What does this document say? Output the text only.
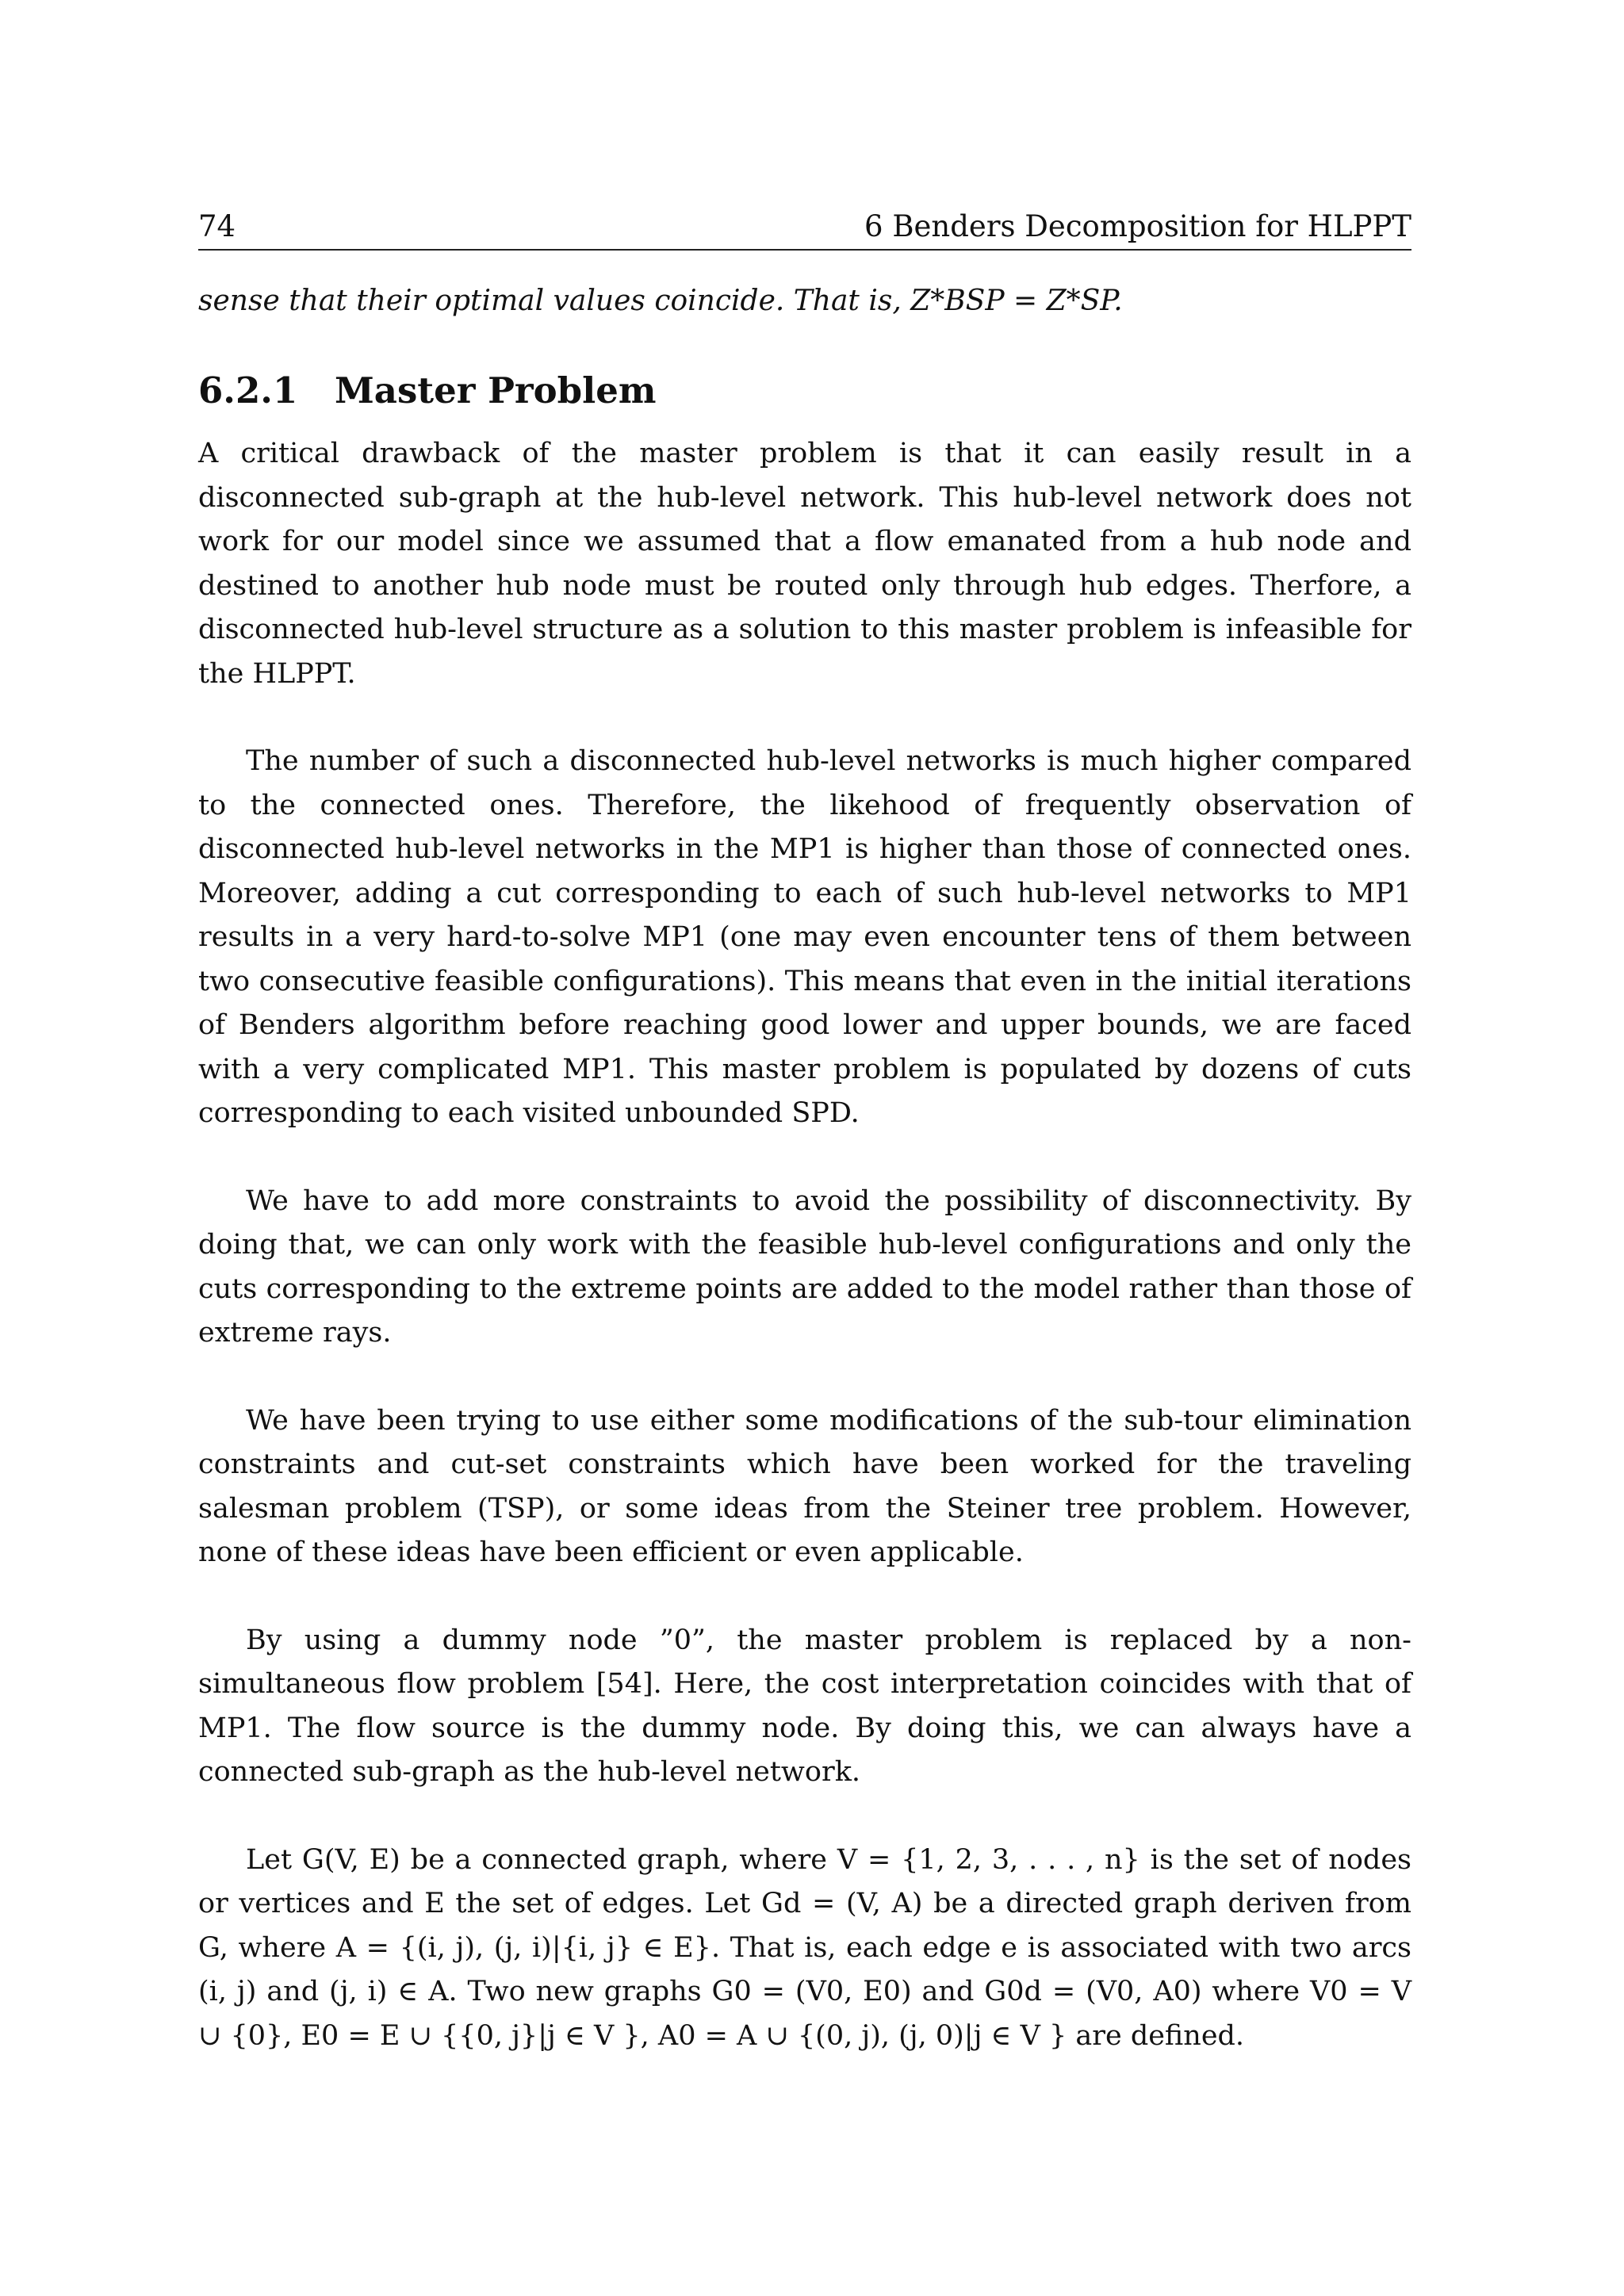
74	6 Benders Decomposition for HLPPT
sense that their optimal values coincide. That is, Z*BSP = Z*SP.
6.2.1	Master Problem

A critical drawback of the master problem is that it can easily result in a disconnected sub-graph at the hub-level network. This hub-level network does not work for our model since we assumed that a flow emanated from a hub node and destined to another hub node must be routed only through hub edges. Therfore, a disconnected hub-level structure as a solution to this master problem is infeasible for the HLPPT.

The number of such a disconnected hub-level networks is much higher compared to the connected ones. Therefore, the likehood of frequently observation of disconnected hub-level networks in the MP1 is higher than those of connected ones. Moreover, adding a cut corresponding to each of such hub-level networks to MP1 results in a very hard-to-solve MP1 (one may even encounter tens of them between two consecutive feasible configurations). This means that even in the initial iterations of Benders algorithm before reaching good lower and upper bounds, we are faced with a very complicated MP1. This master problem is populated by dozens of cuts corresponding to each visited unbounded SPD.

We have to add more constraints to avoid the possibility of disconnectivity. By doing that, we can only work with the feasible hub-level configurations and only the cuts corresponding to the extreme points are added to the model rather than those of extreme rays.

We have been trying to use either some modifications of the sub-tour elimination constraints and cut-set constraints which have been worked for the traveling salesman problem (TSP), or some ideas from the Steiner tree problem. However, none of these ideas have been efficient or even applicable.

By using a dummy node ”0”, the master problem is replaced by a non-simultaneous flow problem [54]. Here, the cost interpretation coincides with that of MP1. The flow source is the dummy node. By doing this, we can always have a connected sub-graph as the hub-level network.

Let G(V, E) be a connected graph, where V = {1, 2, 3, . . . , n} is the set of nodes or vertices and E the set of edges. Let Gd = (V, A) be a directed graph deriven from G, where A = {(i, j), (j, i)|{i, j} ∈ E}. That is, each edge e is associated with two arcs (i, j) and (j, i) ∈ A. Two new graphs G0 = (V0, E0) and G0d = (V0, A0) where V0 = V ∪ {0}, E0 = E ∪ {{0, j}|j ∈ V }, A0 = A ∪ {(0, j), (j, 0)|j ∈ V } are defined.
